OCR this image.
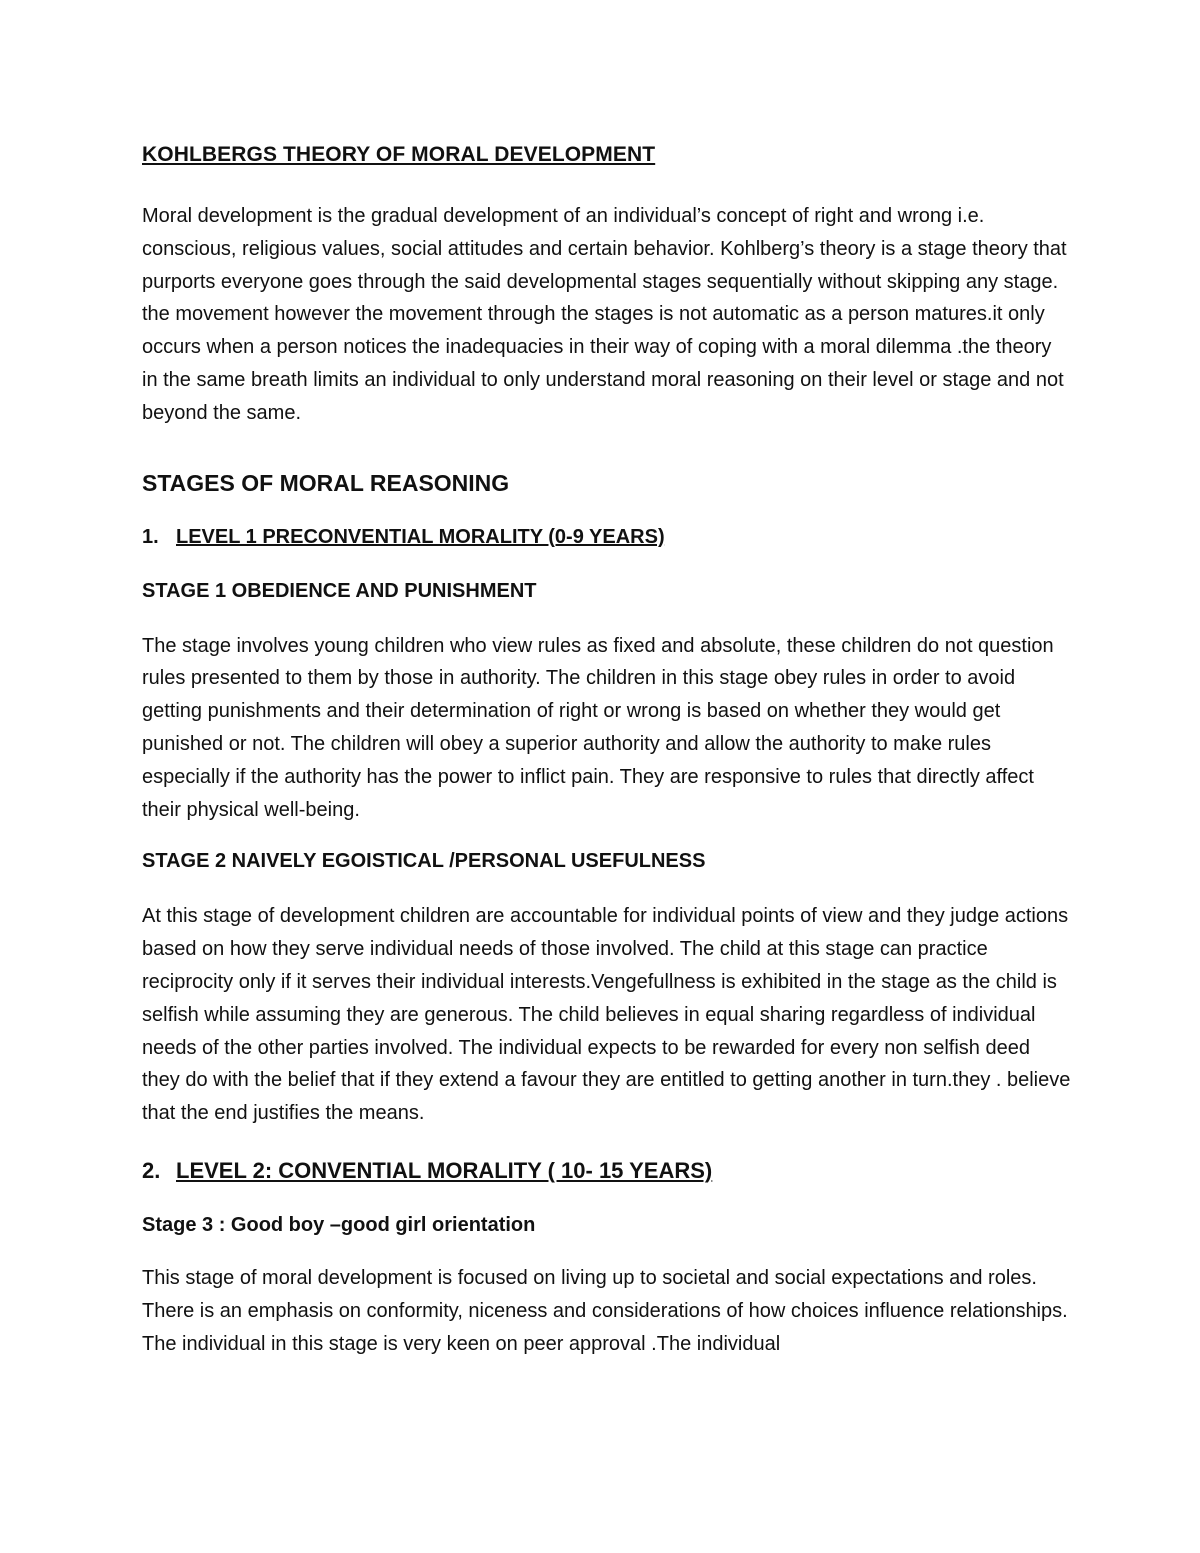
KOHLBERGS THEORY OF MORAL DEVELOPMENT

Moral development is the gradual development of an individual’s concept of right and wrong i.e. conscious, religious values, social attitudes and certain behavior. Kohlberg’s theory is a stage theory that purports everyone goes through the said developmental stages sequentially without skipping any stage. the movement however the movement through the stages is not automatic as a person matures.it only occurs when a person notices the inadequacies in their way of coping with a moral dilemma .the theory in the same breath limits an individual to only understand moral reasoning on their level or stage and not beyond the same.

STAGES OF MORAL REASONING
1. LEVEL 1 PRECONVENTIAL MORALITY (0-9 YEARS)
STAGE 1 OBEDIENCE AND PUNISHMENT

The stage involves young children who view rules as fixed and absolute, these children do not question rules presented to them by those in authority. The children in this stage obey rules in order to avoid getting punishments and their determination of right or wrong is based on whether they would get punished or not. The children will obey a superior authority and allow the authority to make rules especially if the authority has the power to inflict pain. They are responsive to rules that directly affect their physical well-being.

STAGE 2 NAIVELY EGOISTICAL /PERSONAL USEFULNESS

At this stage of development children are accountable for individual points of view and they judge actions based on how they serve individual needs of those involved. The child at this stage can practice reciprocity only if it serves their individual interests.Vengefullness is exhibited in the stage as the child is selfish while assuming they are generous. The child believes in equal sharing regardless of individual needs of the other parties involved. The individual expects to be rewarded for every non selfish deed they do with the belief that if they extend a favour they are entitled to getting another in turn.they . believe that the end justifies the means.

2. LEVEL 2: CONVENTIAL MORALITY ( 10- 15 YEARS)
Stage 3 : Good boy –good girl orientation

This stage of moral development is focused on living up to societal and social expectations and roles. There is an emphasis on conformity, niceness and considerations of how choices influence relationships. The individual in this stage is very keen on peer approval .The individual
